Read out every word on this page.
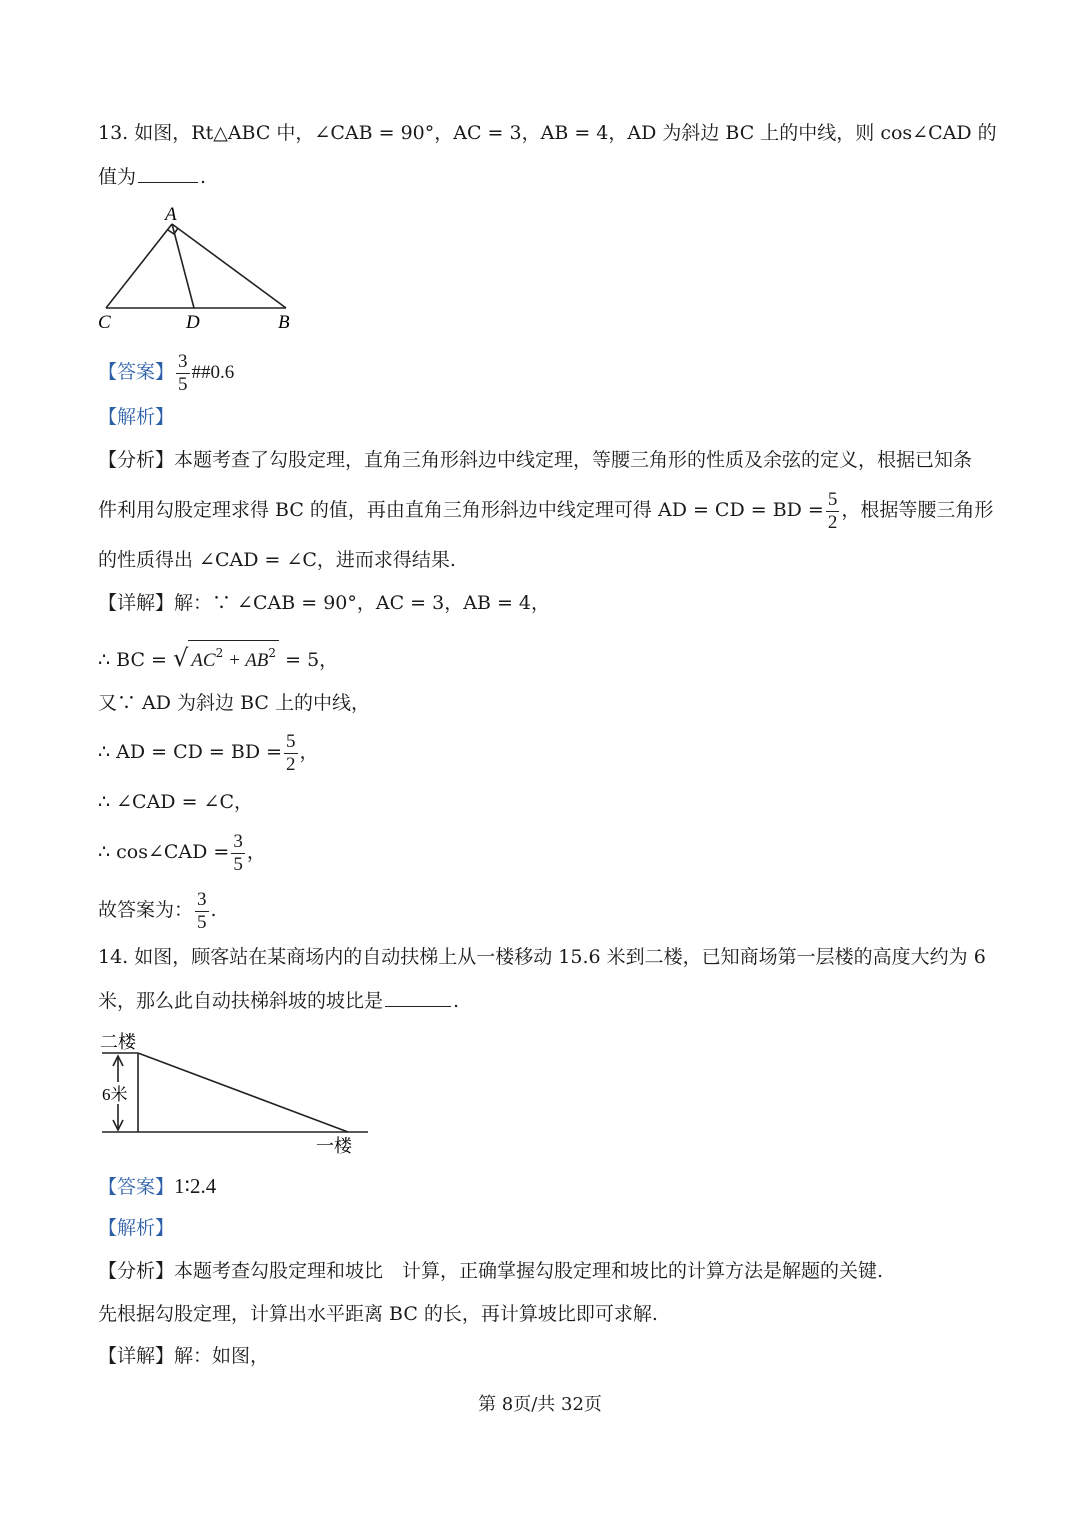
13. 如图，Rt△ABC 中，∠CAB = 90°，AC = 3，AB = 4，AD 为斜边 BC 上的中线，则 cos∠CAD 的
值为	.
A
C	D	B
【答案】 $\frac{3}{5}$ ##0.6
【解析】
【分析】本题考查了勾股定理，直角三角形斜边中线定理，等腰三角形的性质及余弦的定义，根据已知条
件利用勾股定理求得 BC 的值，再由直角三角形斜边中线定理可得 AD = CD = BD = $\frac{5}{2}$ ，根据等腰三角形
的性质得出 ∠CAD = ∠C，进而求得结果.
【详解】解：∵ ∠CAB = 90°，AC = 3，AB = 4，
∴ BC = √ $AC^2 + AB^2 = 5$，
又∵ AD 为斜边 BC 上的中线，
∴ AD = CD = BD = $\frac{5}{2}$ ，
∴ ∠CAD = ∠C，
∴ cos∠CAD = $\frac{3}{5}$ ，
故答案为： $\frac{3}{5}$ .
14. 如图，顾客站在某商场内的自动扶梯上从一楼移动 15.6 米到二楼，已知商场第一层楼的高度大约为 6
米，那么此自动扶梯斜坡的坡比是	.
二楼
6米
一楼
【答案】1∶2.4
【解析】
【分析】本题考查勾股定理和坡比　计算，正确掌握勾股定理和坡比的计算方法是解题的关键.
先根据勾股定理，计算出水平距离 BC 的长，再计算坡比即可求解.
【详解】解：如图，
第 8页/共 32页
